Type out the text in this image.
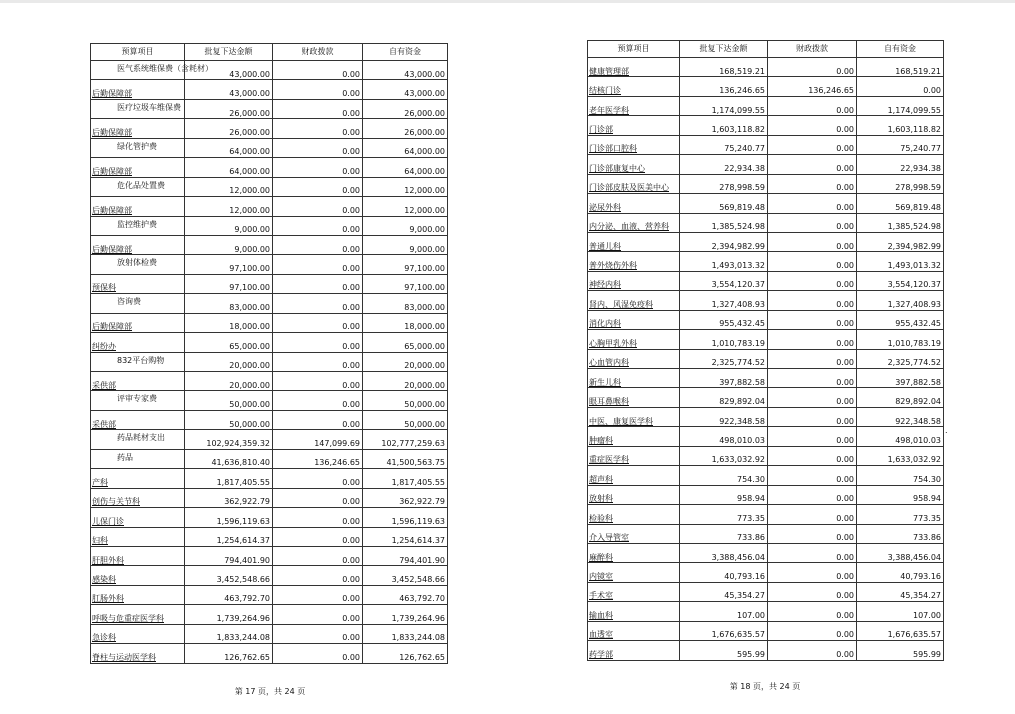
预算项目	批复下达金额	财政拨款	自有资金

医气系统维保费（含耗材）	43,000.00	0.00	43,000.00

后勤保障部	43,000.00	0.00	43,000.00

医疗垃圾车维保费	26,000.00	0.00	26,000.00

后勤保障部	26,000.00	0.00	26,000.00

绿化管护费	64,000.00	0.00	64,000.00

后勤保障部	64,000.00	0.00	64,000.00

危化品处置费	12,000.00	0.00	12,000.00

后勤保障部	12,000.00	0.00	12,000.00

监控维护费	9,000.00	0.00	9,000.00

后勤保障部	9,000.00	0.00	9,000.00

放射体检费	97,100.00	0.00	97,100.00

预保科	97,100.00	0.00	97,100.00

咨询费	83,000.00	0.00	83,000.00

后勤保障部	18,000.00	0.00	18,000.00

纠纷办	65,000.00	0.00	65,000.00

832平台购物	20,000.00	0.00	20,000.00

采供部	20,000.00	0.00	20,000.00

评审专家费	50,000.00	0.00	50,000.00

采供部	50,000.00	0.00	50,000.00

药品耗材支出	102,924,359.32	147,099.69	102,777,259.63

药品	41,636,810.40	136,246.65	41,500,563.75

产科	1,817,405.55	0.00	1,817,405.55

创伤与关节科	362,922.79	0.00	362,922.79

儿保门诊	1,596,119.63	0.00	1,596,119.63

妇科	1,254,614.37	0.00	1,254,614.37

肝胆外科	794,401.90	0.00	794,401.90

感染科	3,452,548.66	0.00	3,452,548.66

肛肠外科	463,792.70	0.00	463,792.70

呼吸与危重症医学科	1,739,264.96	0.00	1,739,264.96

急诊科	1,833,244.08	0.00	1,833,244.08

脊柱与运动医学科	126,762.65	0.00	126,762.65
第 17 页，共 24 页
预算项目	批复下达金额	财政拨款	自有资金

健康管理部	168,519.21	0.00	168,519.21

结核门诊	136,246.65	136,246.65	0.00

老年医学科	1,174,099.55	0.00	1,174,099.55

门诊部	1,603,118.82	0.00	1,603,118.82

门诊部口腔科	75,240.77	0.00	75,240.77

门诊部康复中心	22,934.38	0.00	22,934.38

门诊部皮肤及医美中心	278,998.59	0.00	278,998.59

泌尿外科	569,819.48	0.00	569,819.48

内分泌、血液、营养科	1,385,524.98	0.00	1,385,524.98

普通儿科	2,394,982.99	0.00	2,394,982.99

普外烧伤外科	1,493,013.32	0.00	1,493,013.32

神经内科	3,554,120.37	0.00	3,554,120.37

肾内、风湿免疫科	1,327,408.93	0.00	1,327,408.93

消化内科	955,432.45	0.00	955,432.45

心胸甲乳外科	1,010,783.19	0.00	1,010,783.19

心血管内科	2,325,774.52	0.00	2,325,774.52

新生儿科	397,882.58	0.00	397,882.58

眼耳鼻喉科	829,892.04	0.00	829,892.04

中医、康复医学科	922,348.58	0.00	922,348.58

肿瘤科	498,010.03	0.00	498,010.03

重症医学科	1,633,032.92	0.00	1,633,032.92

超声科	754.30	0.00	754.30

放射科	958.94	0.00	958.94

检验科	773.35	0.00	773.35

介入导管室	733.86	0.00	733.86

麻醉科	3,388,456.04	0.00	3,388,456.04

内镜室	40,793.16	0.00	40,793.16

手术室	45,354.27	0.00	45,354.27

输血科	107.00	0.00	107.00

血透室	1,676,635.57	0.00	1,676,635.57

药学部	595.99	0.00	595.99
第 18 页，共 24 页
.
